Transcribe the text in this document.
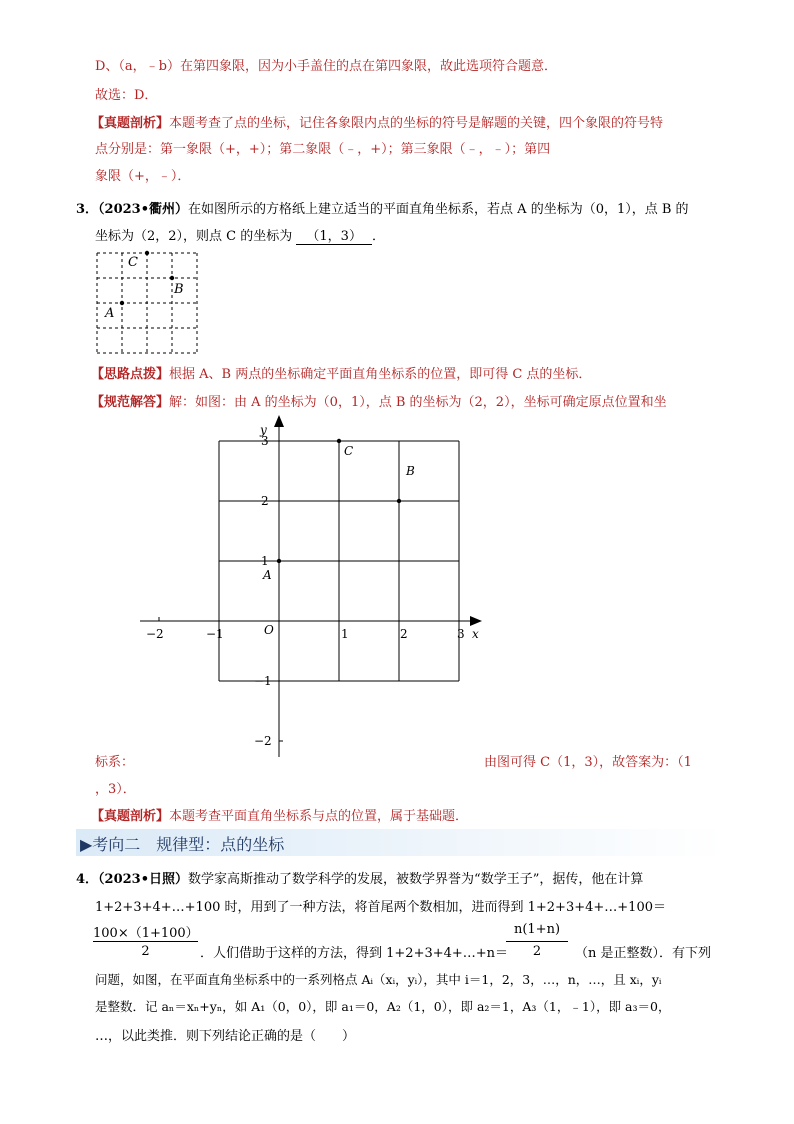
D、（a，﹣b）在第四象限，因为小手盖住的点在第四象限，故此选项符合题意．
故选：D．
【真题剖析】本题考查了点的坐标，记住各象限内点的坐标的符号是解题的关键，四个象限的符号特
点分别是：第一象限（+，+）；第二象限（﹣，+）；第三象限（﹣，﹣）；第四
象限（+，﹣）．
3．（2023•衢州）在如图所示的方格纸上建立适当的平面直角坐标系，若点 A 的坐标为（0，1），点 B 的
坐标为（2，2），则点 C 的坐标为 （1，3） ．
C
B
A
【思路点拨】根据 A、B 两点的坐标确定平面直角坐标系的位置，即可得 C 点的坐标．
【规范解答】解：如图：由 A 的坐标为（0，1），点 B 的坐标为（2，2），坐标可确定原点位置和坐
y
x
O
−2	−1	1	2	3
3
2
1
−1
−2
A
B
C
标系：	由图可得 C（1，3），故答案为：（1
，3）．
【真题剖析】本题考查平面直角坐标系与点的位置，属于基础题．
▶考向二　规律型：点的坐标
4．（2023•日照）数学家高斯推动了数学科学的发展，被数学界誉为“数学王子”，据传，他在计算
1+2+3+4+…+100 时，用到了一种方法，将首尾两个数相加，进而得到 1+2+3+4+…+100＝
100×（1+100）
2	．人们借助于这样的方法，得到 1+2+3+4+…+n＝
n(1+n)
2	（n 是正整数）．有下列
问题，如图，在平面直角坐标系中的一系列格点 Aᵢ（xᵢ，yᵢ），其中 i＝1，2，3，…，n，…，且 xᵢ，yᵢ
是整数．记 aₙ＝xₙ+yₙ，如 A₁（0，0），即 a₁＝0，A₂（1，0），即 a₂＝1，A₃（1，﹣1），即 a₃＝0，
…，以此类推．则下列结论正确的是（　　）
